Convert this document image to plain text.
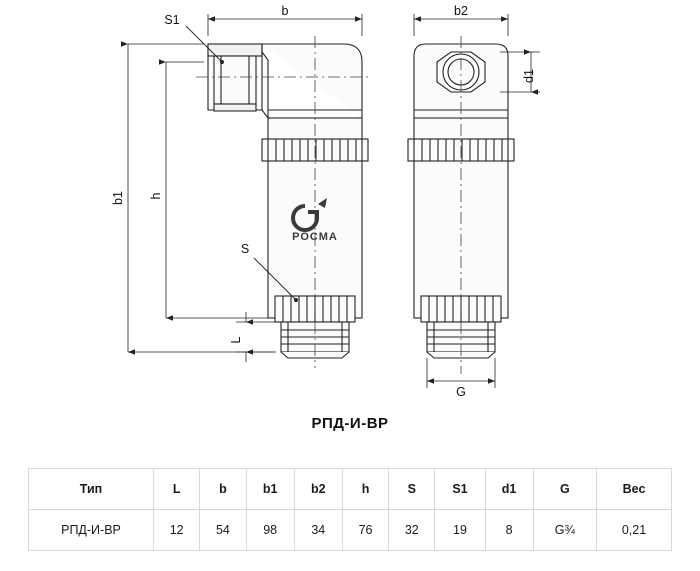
b	b2
S1
d1
G
b1 h
L
S
РОСМА
РПД-И-ВР
Тип	L	b	b1	b2	h	S	S1	d1	G	Вес
РПД-И-ВР	12	54	98	34	76	32	19	8	G¾	0,21
